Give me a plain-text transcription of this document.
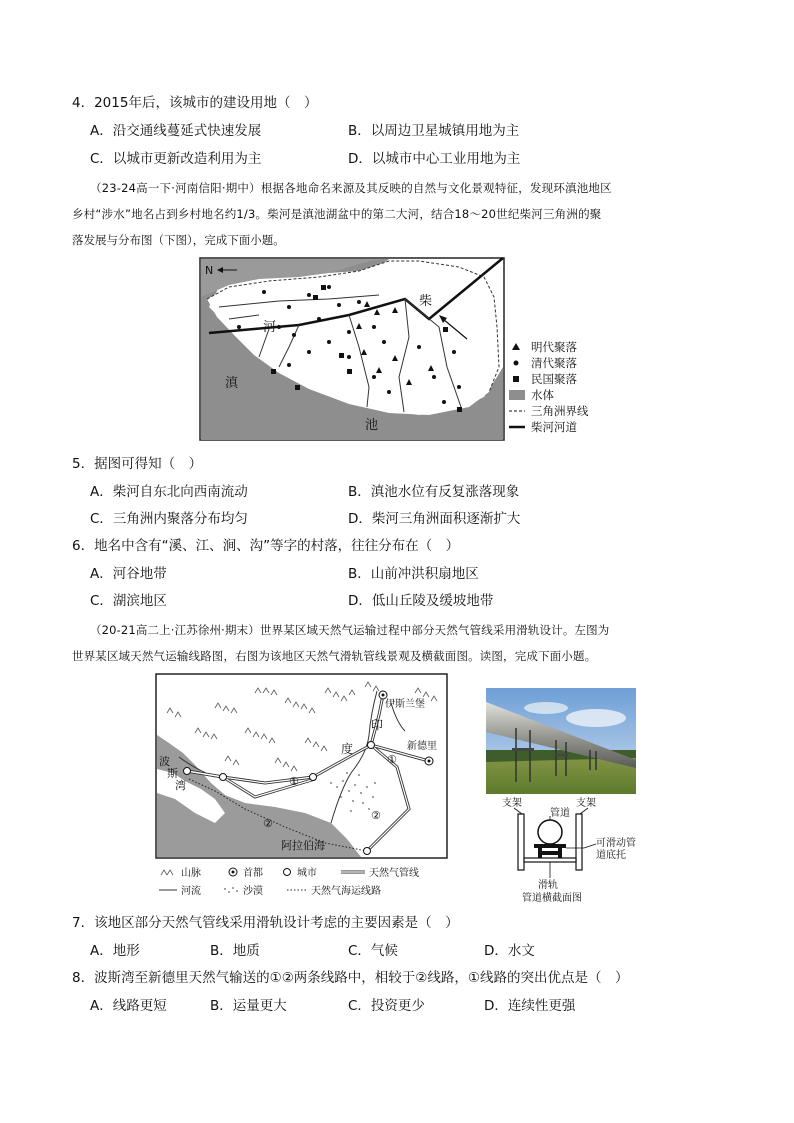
4．2015年后，该城市的建设用地（　）
A．沿交通线蔓延式快速发展	B．以周边卫星城镇用地为主
C．以城市更新改造利用为主	D．以城市中心工业用地为主
（23-24高一下·河南信阳·期中）根据各地命名来源及其反映的自然与文化景观特征，发现环滇池地区
乡村“涉水”地名占到乡村地名约1/3。柴河是滇池湖盆中的第二大河，结合18～20世纪柴河三角洲的聚
落发展与分布图（下图），完成下面小题。
N
柴
河
滇
池
明代聚落
清代聚落
民国聚落
水体
三角洲界线
柴河河道
5．据图可得知（　）
A．柴河自东北向西南流动	B．滇池水位有反复涨落现象
C．三角洲内聚落分布均匀	D．柴河三角洲面积逐渐扩大
6．地名中含有“溪、江、涧、沟”等字的村落，往往分布在（　）
A．河谷地带	B．山前冲洪积扇地区
C．湖滨地区	D．低山丘陵及缓坡地带
（20-21高二上·江苏徐州·期末）世界某区域天然气运输过程中部分天然气管线采用滑轨设计。左图为
世界某区域天然气运输线路图，右图为该地区天然气滑轨管线景观及横截面图。读图，完成下面小题。
伊斯兰堡
新德里
印
度
波
斯
湾
阿拉伯海
①
①
②
②
山脉	首都	城市	天然气管线
河流	沙漠	天然气海运线路
支架
管道
支架
可滑动管
道底托
滑轨
管道横截面图
7．该地区部分天然气管线采用滑轨设计考虑的主要因素是（　）
A．地形	B．地质	C．气候	D．水文
8．波斯湾至新德里天然气输送的①②两条线路中，相较于②线路，①线路的突出优点是（　）
A．线路更短	B．运量更大	C．投资更少	D．连续性更强
